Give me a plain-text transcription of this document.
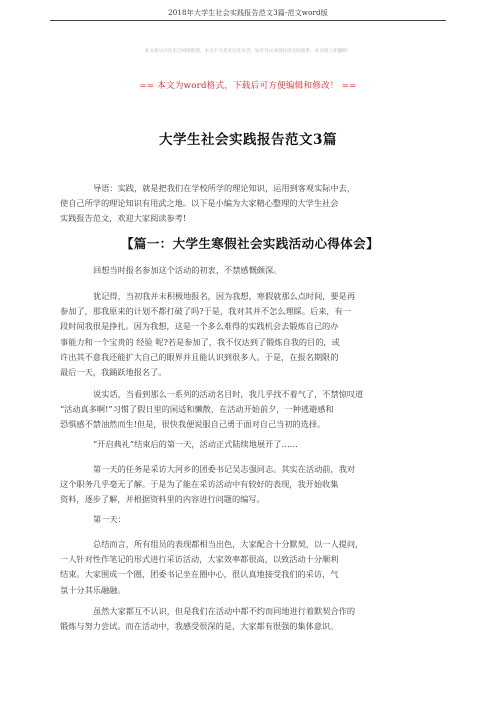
2018年大学生社会实践报告范文3篇-范文word版
本文部分内容来自网络整理，本司不为其真实性负责，如有异议或侵权请及时联系，本司将立即删除！
== 本文为word格式，下载后可方便编辑和修改！ ==
大学生社会实践报告范文3篇
导语：实践，就是把我们在学校所学的理论知识，运用到客观实际中去，
使自己所学的理论知识有用武之地。以下是小编为大家精心整理的大学生社会
实践报告范文，欢迎大家阅读参考!
【篇一：大学生寒假社会实践活动心得体会】
回想当时报名参加这个活动的初衷，不禁感慨颇深。
犹记得，当初我并未积极地报名，因为我想，寒假就那么点时间，要是再
参加了，那我原来的计划不都打破了吗?于是，我对其并不怎么理睬。后来，有一
段时间我很是挣扎。因为我想，这是一个多么难得的实践机会去锻炼自己的办
事能力和一个宝贵的 经验 呢?若是参加了，我不仅达到了锻炼自我的目的，或
许出其不意我还能扩大自己的眼界并且能认识到很多人。于是，在报名期限的
最后一天，我踊跃地报名了。
说实话，当看到那么一系列的活动名目时，我几乎找不着气了，不禁惊叹道
“活动真多啊!”习惯了假日里的闲适和懒散，在活动开始前夕，一种逃避感和
恐惧感不禁油然而生!但是，很快我便说服自己勇于面对自己当初的选择。
“开启典礼”结束后的第一天，活动正式陆续地展开了……
第一天的任务是采访大河乡的团委书记吴志强同志。其实在活动前，我对
这个职务几乎毫无了解。于是为了能在采访活动中有较好的表现，我开始收集
资料，逐步了解，并根据资料里的内容进行问题的编写。
第一天：
总结而言，所有组员的表现都相当出色，大家配合十分默契，以一人提问，
一人针对性作笔记的形式进行采访活动，大家效率都很高，以致活动十分顺利
结束。大家围成一个圈，团委书记坐在圈中心，很认真地接受我们的采访，气
氛十分其乐融融。
虽然大家都互不认识，但是我们在活动中都不约而同地进行着默契合作的
锻炼与努力尝试。而在活动中，我感受很深的是，大家都有很强的集体意识。
